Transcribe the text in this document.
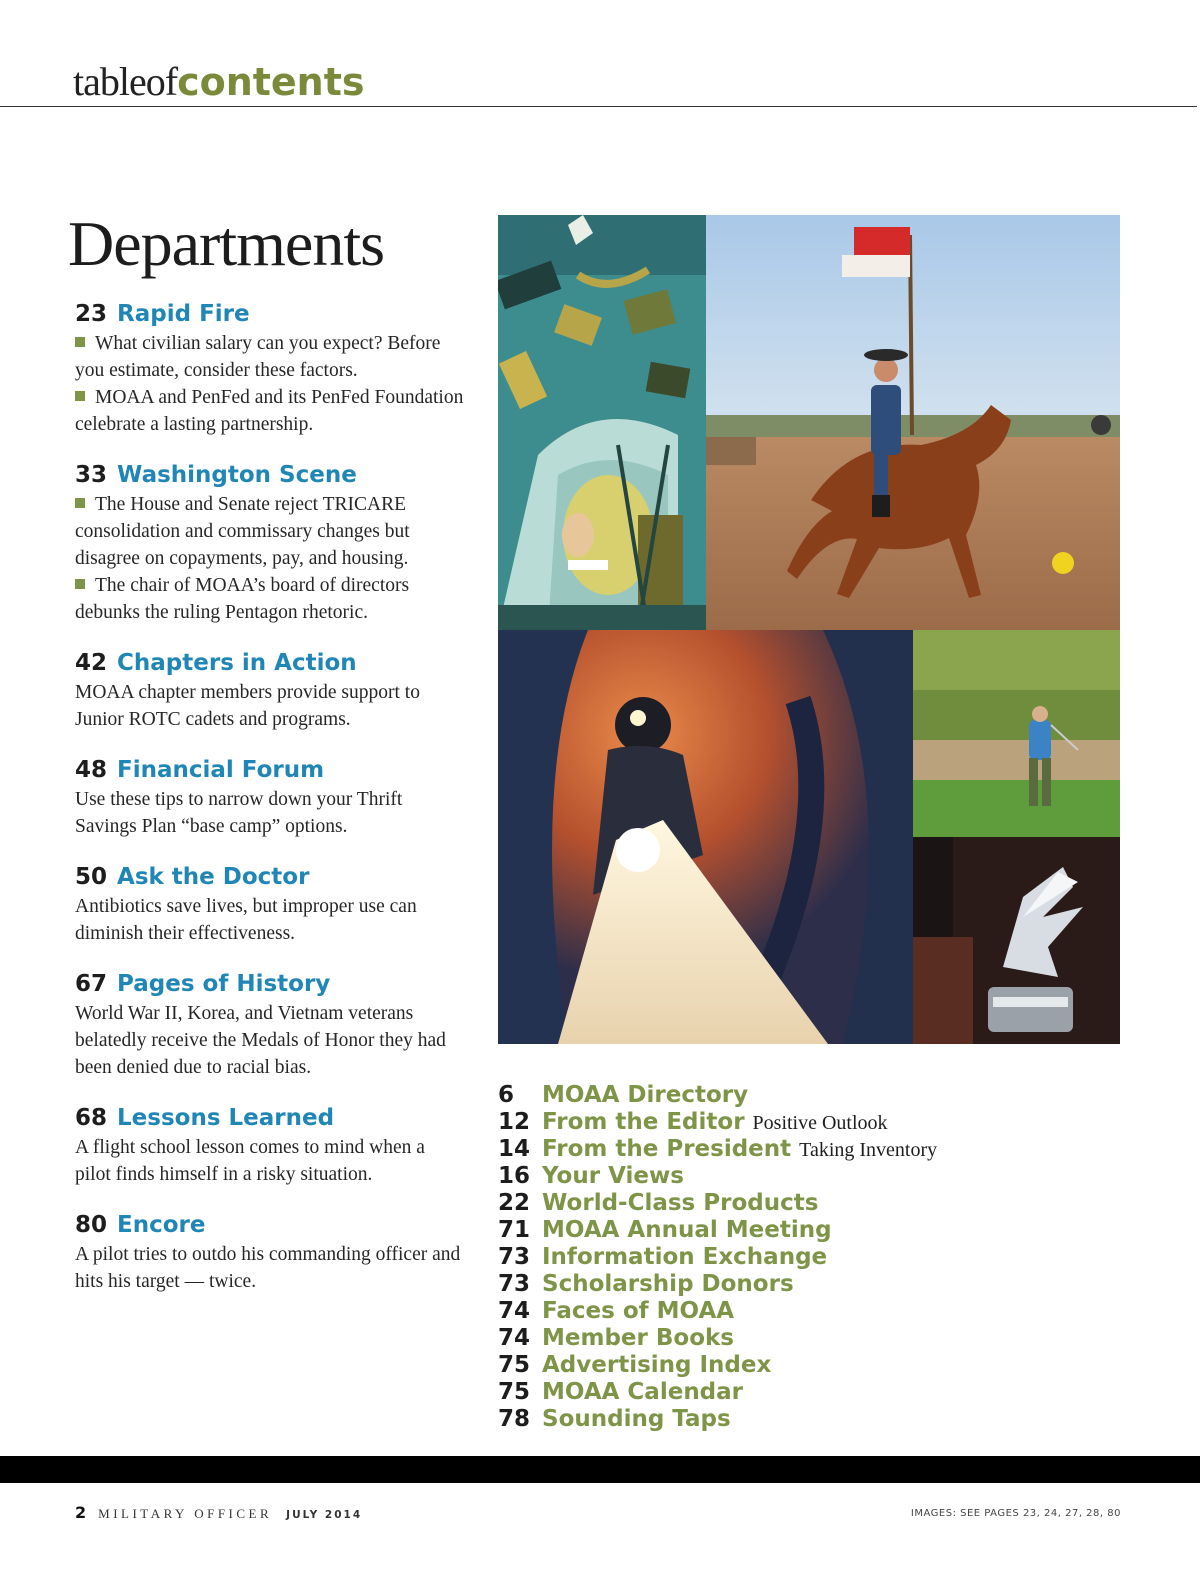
tableofcontents
Departments
23 Rapid Fire
What civilian salary can you expect? Before you estimate, consider these factors.
MOAA and PenFed and its PenFed Foundation celebrate a lasting partnership.
33 Washington Scene
The House and Senate reject TRICARE consolidation and commissary changes but disagree on copayments, pay, and housing.
The chair of MOAA’s board of directors debunks the ruling Pentagon rhetoric.
42 Chapters in Action
MOAA chapter members provide support to Junior ROTC cadets and programs.
48 Financial Forum
Use these tips to narrow down your Thrift Savings Plan “base camp” options.
50 Ask the Doctor
Antibiotics save lives, but improper use can diminish their effectiveness.
67 Pages of History
World War II, Korea, and Vietnam veterans belatedly receive the Medals of Honor they had been denied due to racial bias.
68 Lessons Learned
A flight school lesson comes to mind when a pilot finds himself in a risky situation.
80 Encore
A pilot tries to outdo his commanding officer and hits his target — twice.
6 MOAA Directory
12 From the Editor Positive Outlook
14 From the President Taking Inventory
16 Your Views
22 World-Class Products
71 MOAA Annual Meeting
73 Information Exchange
73 Scholarship Donors
74 Faces of MOAA
74 Member Books
75 Advertising Index
75 MOAA Calendar
78 Sounding Taps
2 MILITARY OFFICER JULY 2014	IMAGES: SEE PAGES 23, 24, 27, 28, 80
